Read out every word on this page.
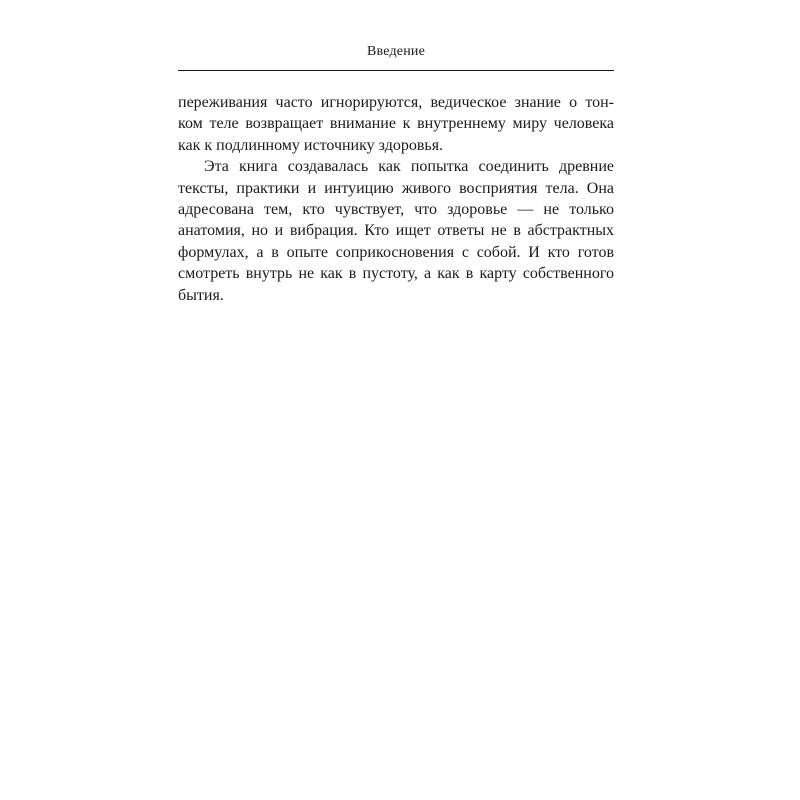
Введение
переживания часто игнорируются, ведическое знание о тон-
ком теле возвращает внимание к внутреннему миру человека
как к подлинному источнику здоровья.
Эта книга создавалась как попытка соединить древние
тексты, практики и интуицию живого восприятия тела. Она
адресована тем, кто чувствует, что здоровье — не только
анатомия, но и вибрация. Кто ищет ответы не в абстрактных
формулах, а в опыте соприкосновения с собой. И кто готов
смотреть внутрь не как в пустоту, а как в карту собственного
бытия.
